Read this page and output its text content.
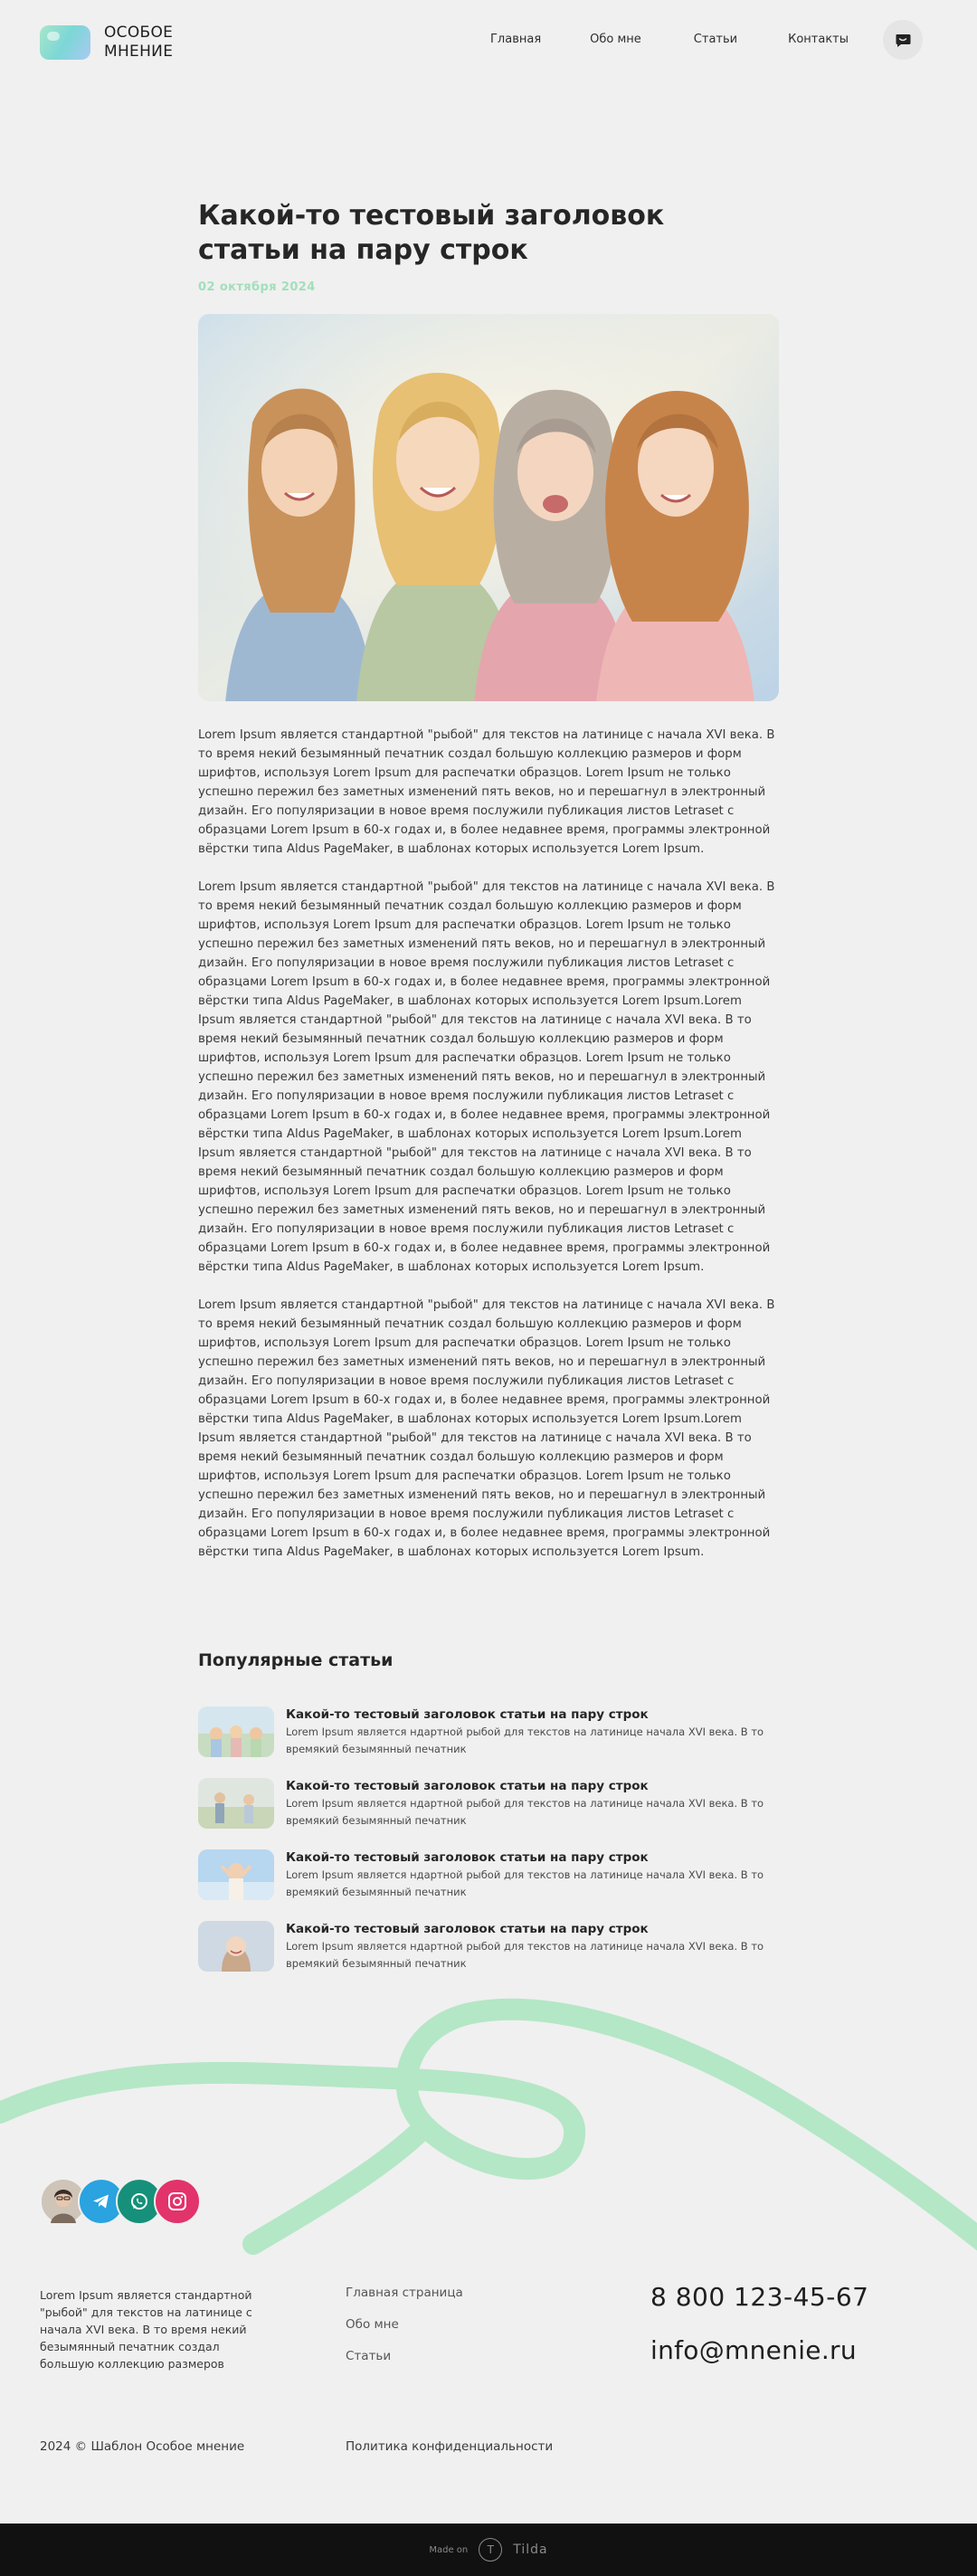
ОСОБОЕ
МНЕНИЕ
Главная	Обо мне	Статьи	Контакты
Какой-то тестовый заголовок статьи на пару строк
02 октября 2024

Lorem Ipsum является стандартной "рыбой" для текстов на латинице с начала XVI века. В то время некий безымянный печатник создал большую коллекцию размеров и форм шрифтов, используя Lorem Ipsum для распечатки образцов. Lorem Ipsum не только успешно пережил без заметных изменений пять веков, но и перешагнул в электронный дизайн. Его популяризации в новое время послужили публикация листов Letraset с образцами Lorem Ipsum в 60-х годах и, в более недавнее время, программы электронной вёрстки типа Aldus PageMaker, в шаблонах которых используется Lorem Ipsum.

Lorem Ipsum является стандартной "рыбой" для текстов на латинице с начала XVI века. В то время некий безымянный печатник создал большую коллекцию размеров и форм шрифтов, используя Lorem Ipsum для распечатки образцов. Lorem Ipsum не только успешно пережил без заметных изменений пять веков, но и перешагнул в электронный дизайн. Его популяризации в новое время послужили публикация листов Letraset с образцами Lorem Ipsum в 60-х годах и, в более недавнее время, программы электронной вёрстки типа Aldus PageMaker, в шаблонах которых используется Lorem Ipsum.Lorem Ipsum является стандартной "рыбой" для текстов на латинице с начала XVI века. В то время некий безымянный печатник создал большую коллекцию размеров и форм шрифтов, используя Lorem Ipsum для распечатки образцов. Lorem Ipsum не только успешно пережил без заметных изменений пять веков, но и перешагнул в электронный дизайн. Его популяризации в новое время послужили публикация листов Letraset с образцами Lorem Ipsum в 60-х годах и, в более недавнее время, программы электронной вёрстки типа Aldus PageMaker, в шаблонах которых используется Lorem Ipsum.Lorem Ipsum является стандартной "рыбой" для текстов на латинице с начала XVI века. В то время некий безымянный печатник создал большую коллекцию размеров и форм шрифтов, используя Lorem Ipsum для распечатки образцов. Lorem Ipsum не только успешно пережил без заметных изменений пять веков, но и перешагнул в электронный дизайн. Его популяризации в новое время послужили публикация листов Letraset с образцами Lorem Ipsum в 60-х годах и, в более недавнее время, программы электронной вёрстки типа Aldus PageMaker, в шаблонах которых используется Lorem Ipsum.

Lorem Ipsum является стандартной "рыбой" для текстов на латинице с начала XVI века. В то время некий безымянный печатник создал большую коллекцию размеров и форм шрифтов, используя Lorem Ipsum для распечатки образцов. Lorem Ipsum не только успешно пережил без заметных изменений пять веков, но и перешагнул в электронный дизайн. Его популяризации в новое время послужили публикация листов Letraset с образцами Lorem Ipsum в 60-х годах и, в более недавнее время, программы электронной вёрстки типа Aldus PageMaker, в шаблонах которых используется Lorem Ipsum.Lorem Ipsum является стандартной "рыбой" для текстов на латинице с начала XVI века. В то время некий безымянный печатник создал большую коллекцию размеров и форм шрифтов, используя Lorem Ipsum для распечатки образцов. Lorem Ipsum не только успешно пережил без заметных изменений пять веков, но и перешагнул в электронный дизайн. Его популяризации в новое время послужили публикация листов Letraset с образцами Lorem Ipsum в 60-х годах и, в более недавнее время, программы электронной вёрстки типа Aldus PageMaker, в шаблонах которых используется Lorem Ipsum.

Популярные статьи
Какой-то тестовый заголовок статьи на пару строк
Lorem Ipsum является ндартной рыбой для текстов на латинице начала XVI века. В то времякий безымянный печатник
Какой-то тестовый заголовок статьи на пару строк
Lorem Ipsum является ндартной рыбой для текстов на латинице начала XVI века. В то времякий безымянный печатник
Какой-то тестовый заголовок статьи на пару строк
Lorem Ipsum является ндартной рыбой для текстов на латинице начала XVI века. В то времякий безымянный печатник
Какой-то тестовый заголовок статьи на пару строк
Lorem Ipsum является ндартной рыбой для текстов на латинице начала XVI века. В то времякий безымянный печатник

Lorem Ipsum является стандартной "рыбой" для текстов на латинице с начала XVI века. В то время некий безымянный печатник создал большую коллекцию размеров

Главная страница
Обо мне
Статьи
8 800 123-45-67
info@mnenie.ru
2024 © Шаблон Особое мнение	Политика конфиденциальности
Made on	T	Tilda
